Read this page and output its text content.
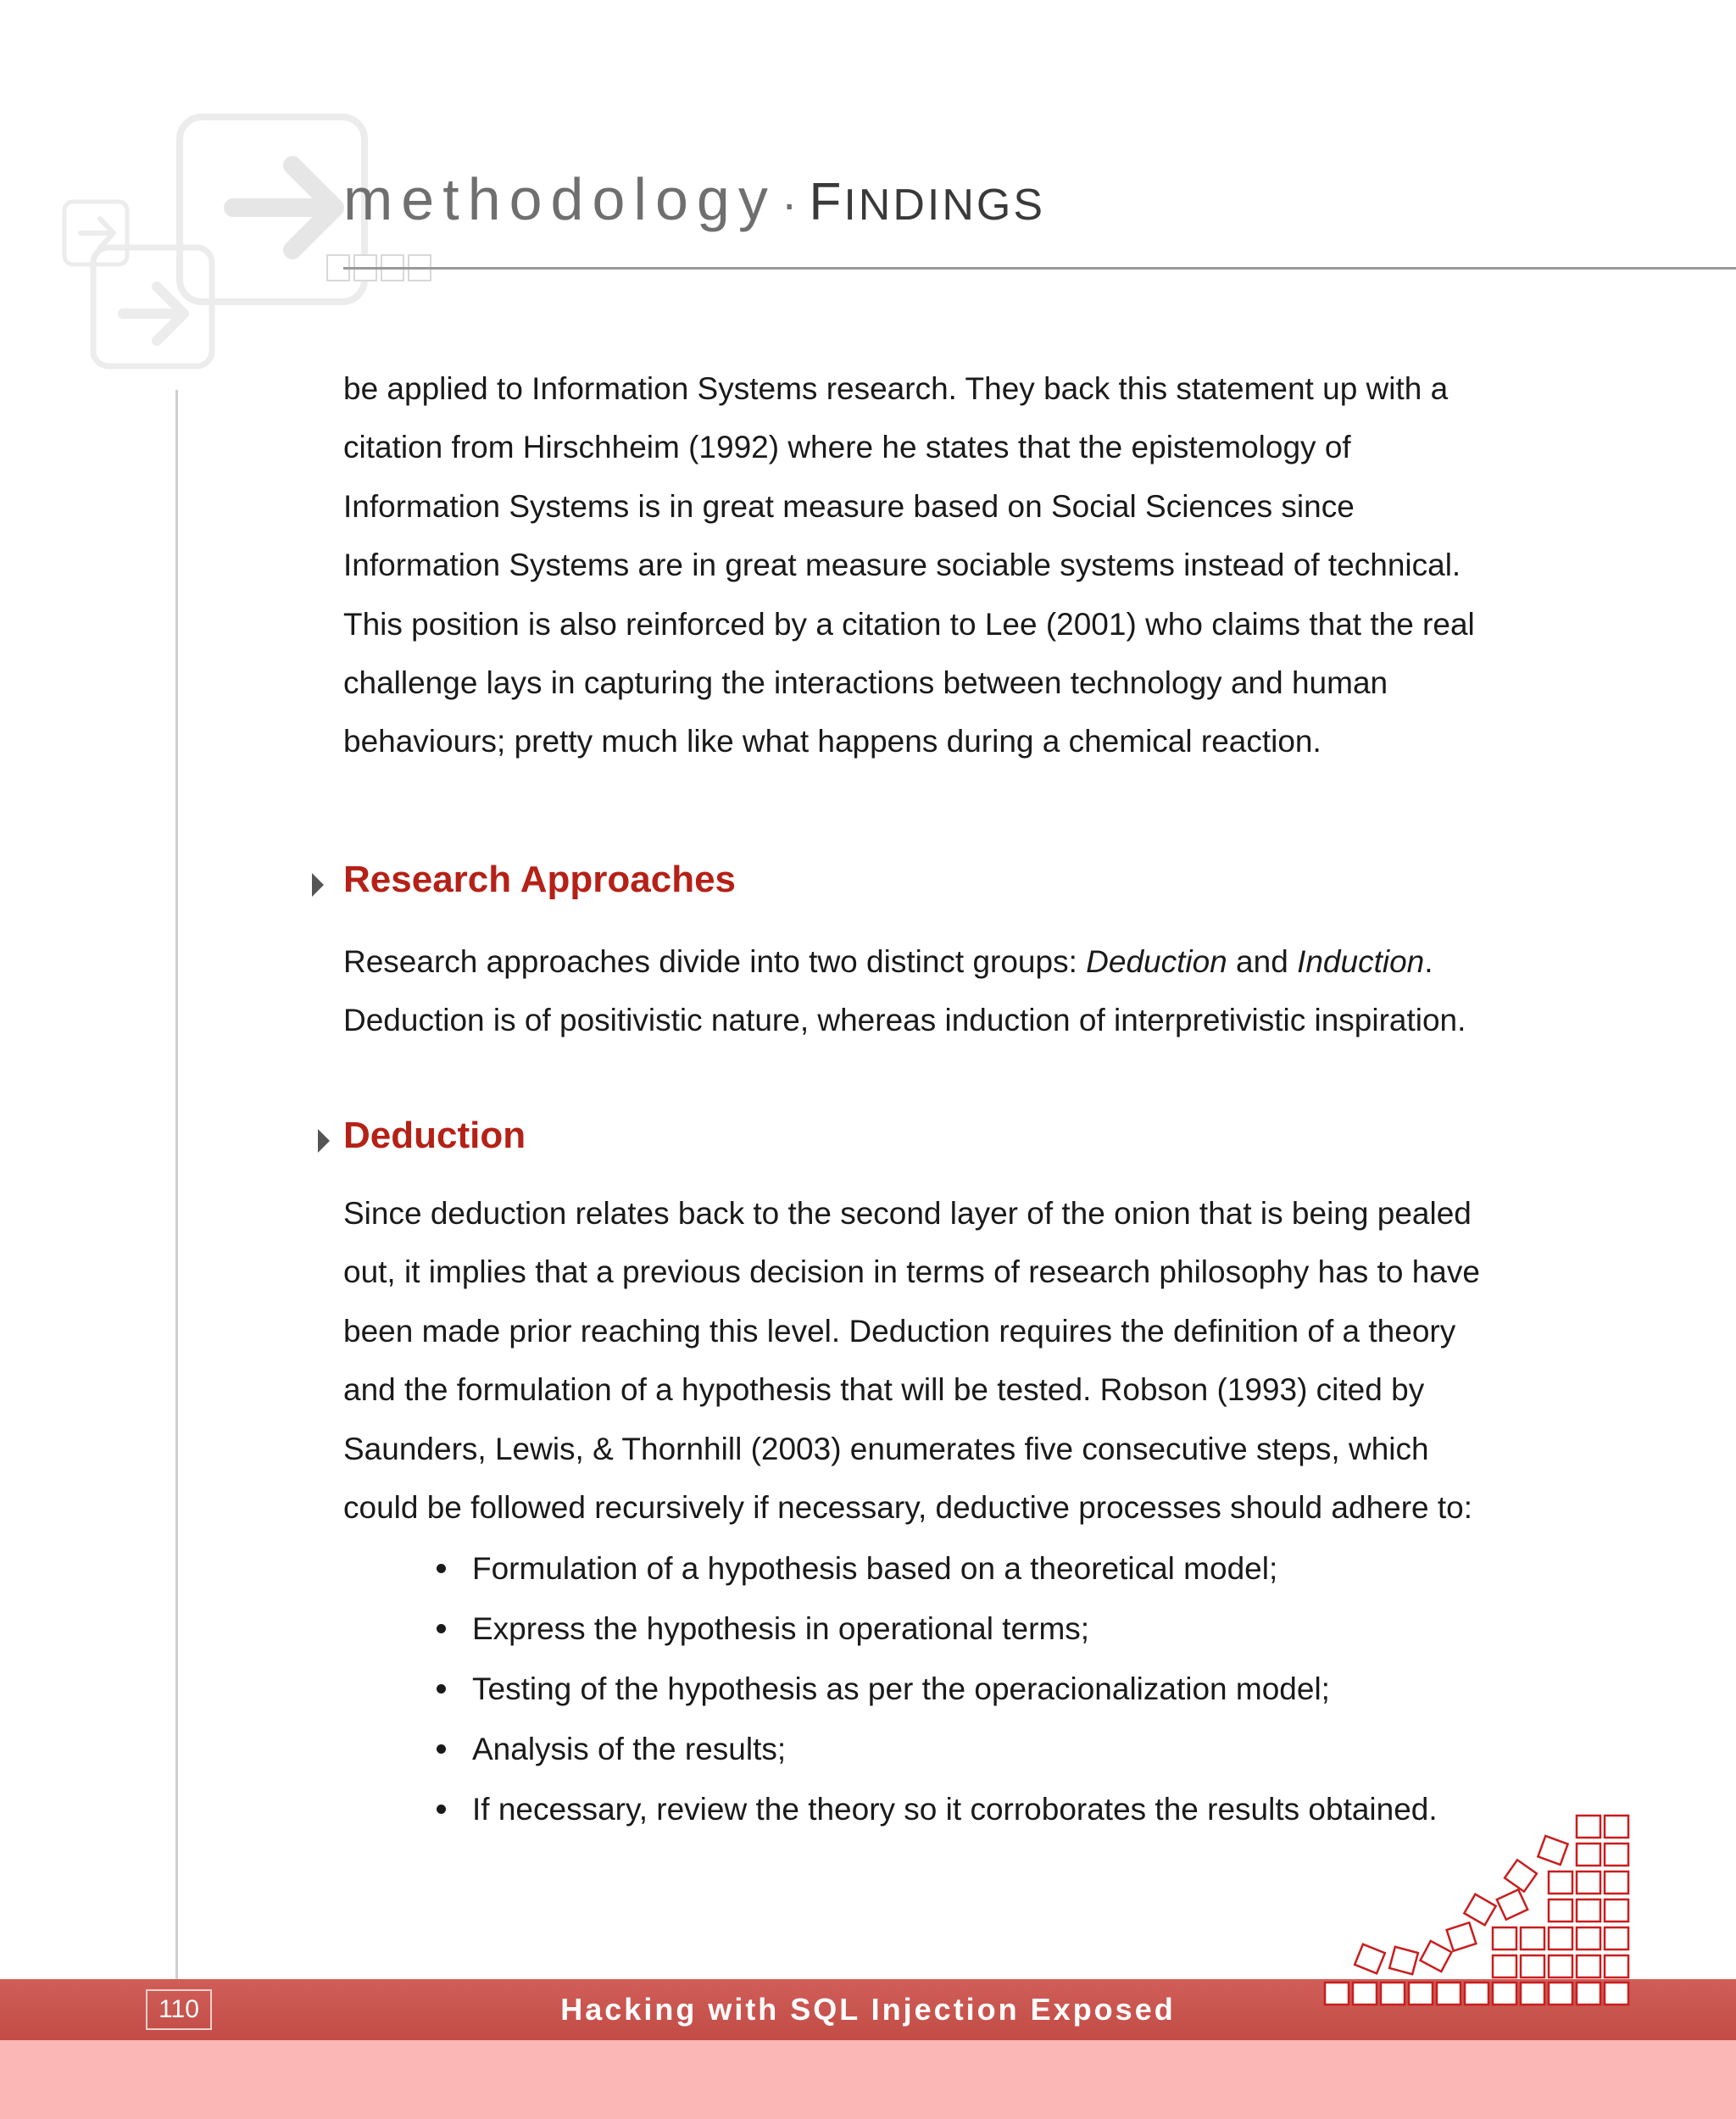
methodology · FINDINGS

be applied to Information Systems research. They back this statement up with a citation from Hirschheim (1992) where he states that the epistemology of Information Systems is in great measure based on Social Sciences since Information Systems are in great measure sociable systems instead of technical. This position is also reinforced by a citation to Lee (2001) who claims that the real challenge lays in capturing the interactions between technology and human behaviours; pretty much like what happens during a chemical reaction.

Research Approaches

Research approaches divide into two distinct groups: Deduction and Induction. Deduction is of positivistic nature, whereas induction of interpretivistic inspiration.

Deduction

Since deduction relates back to the second layer of the onion that is being pealed out, it implies that a previous decision in terms of research philosophy has to have been made prior reaching this level. Deduction requires the definition of a theory and the formulation of a hypothesis that will be tested. Robson (1993) cited by Saunders, Lewis, & Thornhill (2003) enumerates five consecutive steps, which could be followed recursively if necessary, deductive processes should adhere to:

Formulation of a hypothesis based on a theoretical model;
Express the hypothesis in operational terms;
Testing of the hypothesis as per the operacionalization model;
Analysis of the results;
If necessary, review the theory so it corroborates the results obtained.
110	Hacking with SQL Injection Exposed
